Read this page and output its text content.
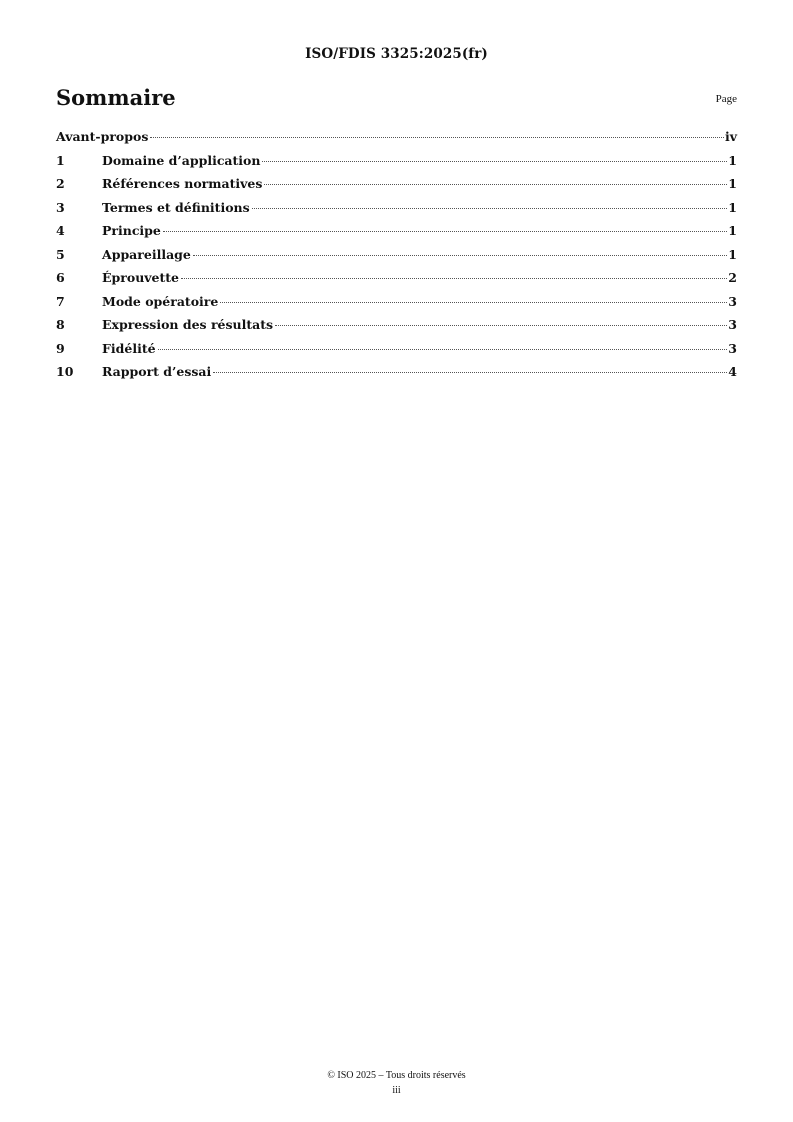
ISO/FDIS 3325:2025(fr)
Sommaire	Page
Avant-propos	iv
1	Domaine d’application	1
2	Références normatives	1
3	Termes et définitions	1
4	Principe	1
5	Appareillage	1
6	Éprouvette	2
7	Mode opératoire	3
8	Expression des résultats	3
9	Fidélité	3
10	Rapport d’essai	4
© ISO 2025 – Tous droits réservés
iii
